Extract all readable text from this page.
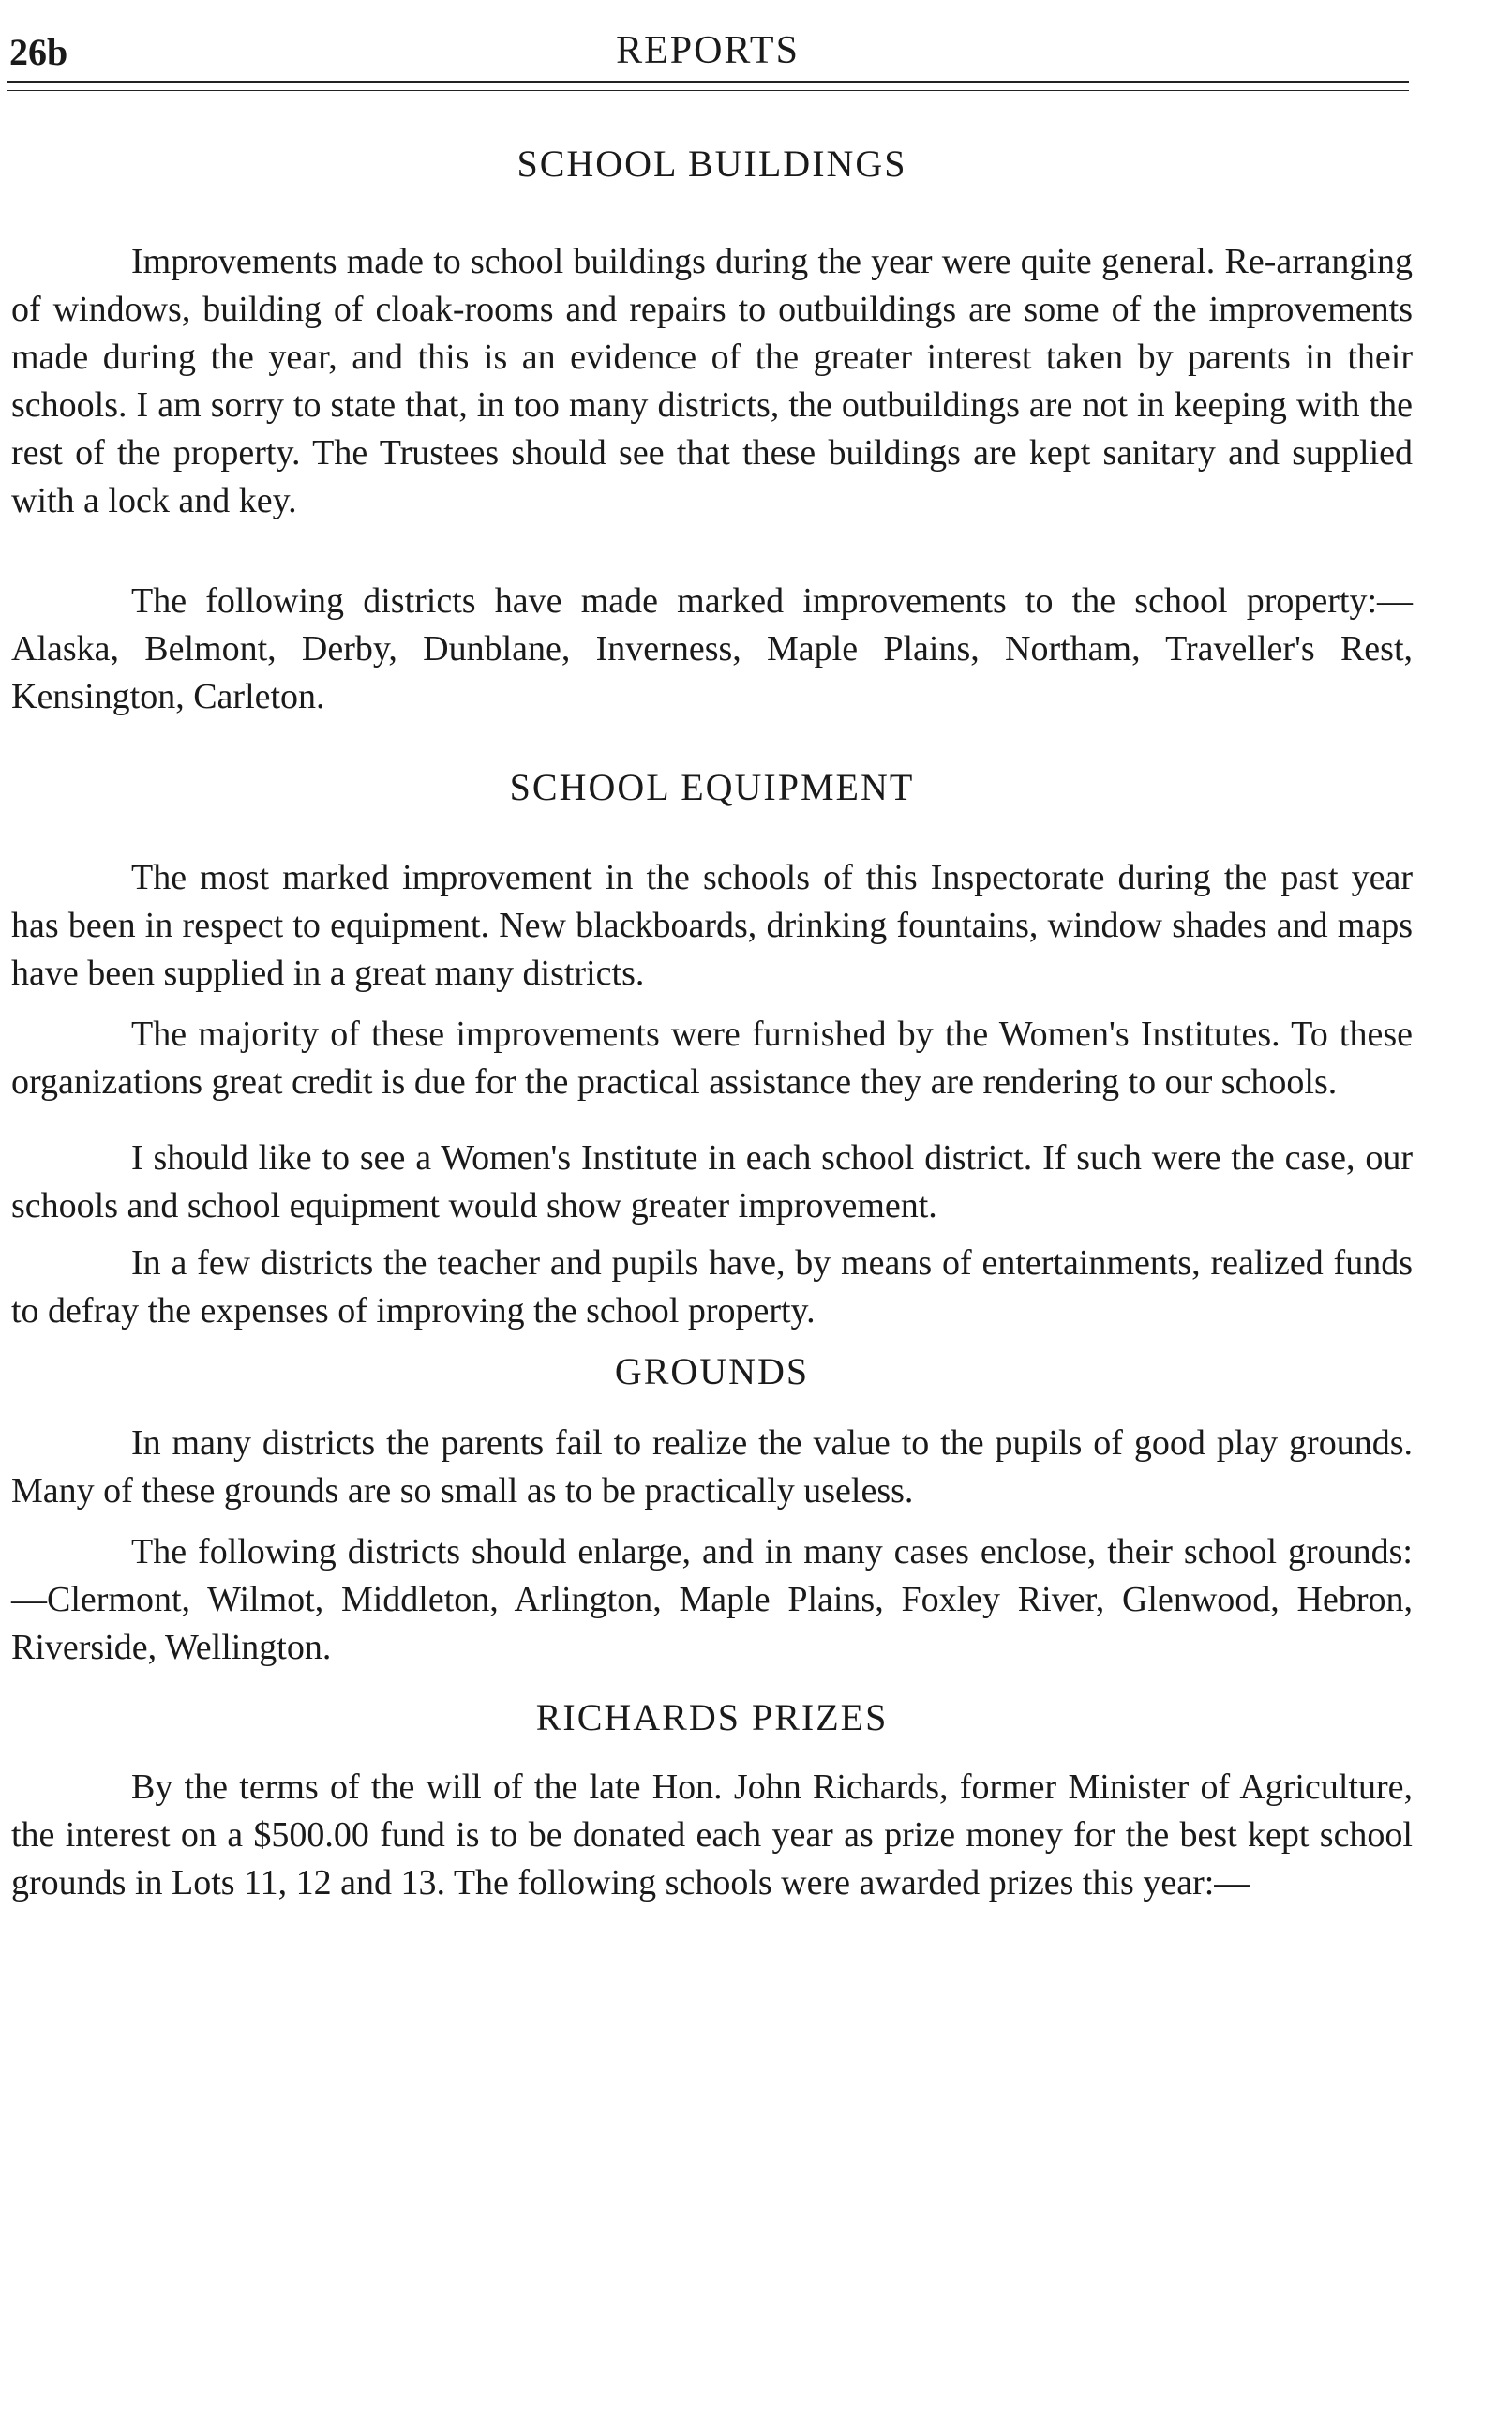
26b	REPORTS
SCHOOL BUILDINGS

Improvements made to school buildings during the year were quite general. Re-arranging of windows, building of cloak-rooms and repairs to outbuildings are some of the improvements made during the year, and this is an evidence of the greater interest taken by parents in their schools. I am sorry to state that, in too many districts, the outbuildings are not in keeping with the rest of the property. The Trustees should see that these buildings are kept sanitary and supplied with a lock and key.

The following districts have made marked improvements to the school property:—Alaska, Belmont, Derby, Dunblane, Inverness, Maple Plains, Northam, Traveller's Rest, Kensington, Carleton.

SCHOOL EQUIPMENT

The most marked improvement in the schools of this Inspectorate during the past year has been in respect to equipment. New blackboards, drinking fountains, window shades and maps have been supplied in a great many districts.

The majority of these improvements were furnished by the Women's Institutes. To these organizations great credit is due for the practical assistance they are rendering to our schools.

I should like to see a Women's Institute in each school district. If such were the case, our schools and school equipment would show greater improvement.

In a few districts the teacher and pupils have, by means of entertainments, realized funds to defray the expenses of improving the school property.

GROUNDS

In many districts the parents fail to realize the value to the pupils of good play grounds. Many of these grounds are so small as to be practically useless.

The following districts should enlarge, and in many cases enclose, their school grounds:—Clermont, Wilmot, Middleton, Arlington, Maple Plains, Foxley River, Glenwood, Hebron, Riverside, Wellington.

RICHARDS PRIZES

By the terms of the will of the late Hon. John Richards, former Minister of Agriculture, the interest on a $500.00 fund is to be donated each year as prize money for the best kept school grounds in Lots 11, 12 and 13. The following schools were awarded prizes this year:—
